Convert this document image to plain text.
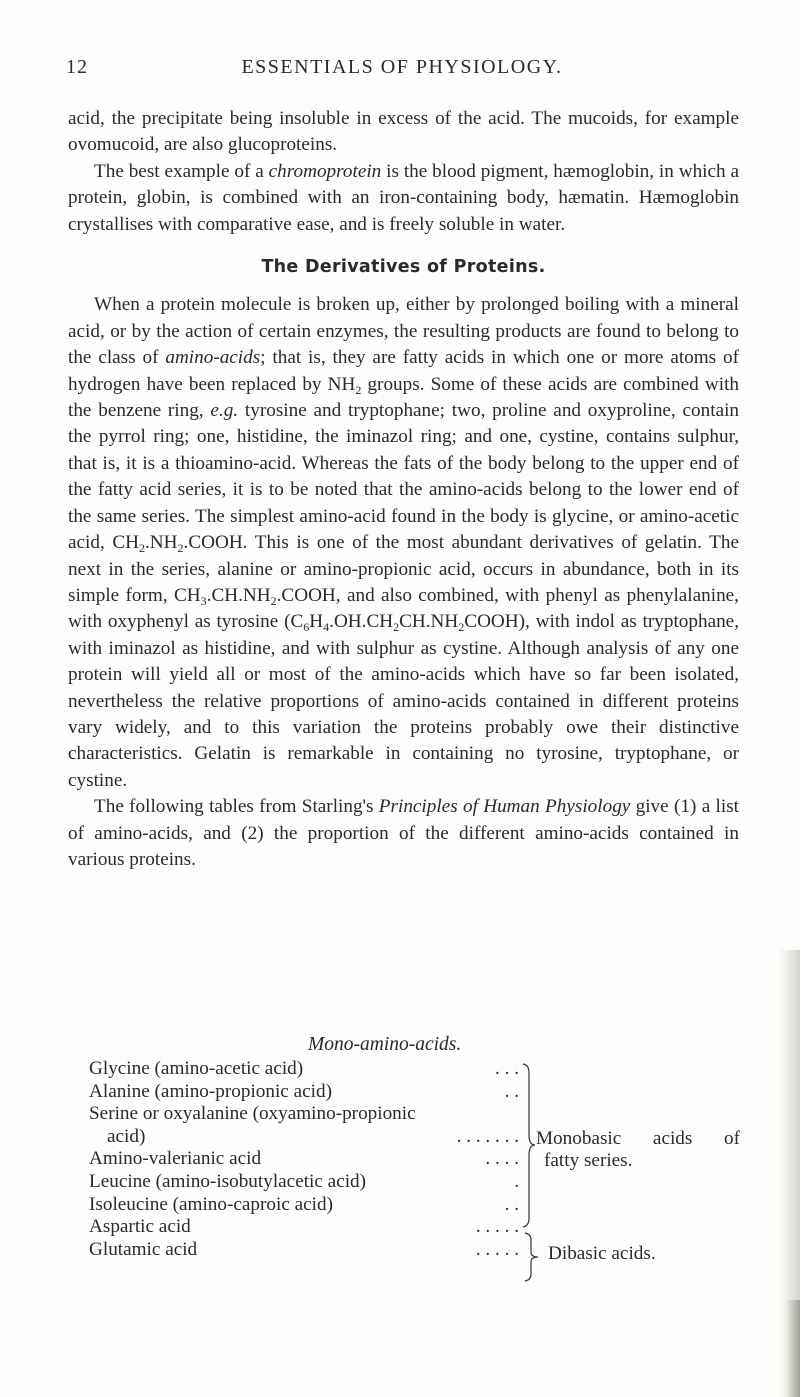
12	ESSENTIALS OF PHYSIOLOGY.

acid, the precipitate being insoluble in excess of the acid. The mucoids, for example ovomucoid, are also glucoproteins.

The best example of a chromoprotein is the blood pigment, hæmoglobin, in which a protein, globin, is combined with an iron-containing body, hæmatin. Hæmoglobin crystallises with comparative ease, and is freely soluble in water.

The Derivatives of Proteins.

When a protein molecule is broken up, either by prolonged boiling with a mineral acid, or by the action of certain enzymes, the resulting products are found to belong to the class of amino-acids; that is, they are fatty acids in which one or more atoms of hydrogen have been replaced by $NH_2$ groups. Some of these acids are combined with the benzene ring, e.g. tyrosine and tryptophane; two, proline and oxyproline, contain the pyrrol ring; one, histidine, the iminazol ring; and one, cystine, contains sulphur, that is, it is a thioamino-acid. Whereas the fats of the body belong to the upper end of the fatty acid series, it is to be noted that the amino-acids belong to the lower end of the same series. The simplest amino-acid found in the body is glycine, or amino-acetic acid, $CH_2.NH_2.COOH$. This is one of the most abundant derivatives of gelatin. The next in the series, alanine or amino-propionic acid, occurs in abundance, both in its simple form, $CH_3.CH.NH_2.COOH$, and also combined, with phenyl as phenylalanine, with oxyphenyl as tyrosine $(C_6H_4.OH.CH_2CH.NH_2COOH)$, with indol as tryptophane, with iminazol as histidine, and with sulphur as cystine. Although analysis of any one protein will yield all or most of the amino-acids which have so far been isolated, nevertheless the relative proportions of amino-acids contained in different proteins vary widely, and to this variation the proteins probably owe their distinctive characteristics. Gelatin is remarkable in containing no tyrosine, tryptophane, or cystine.

The following tables from Starling's Principles of Human Physiology give (1) a list of amino-acids, and (2) the proportion of the different amino-acids contained in various proteins.

Mono-amino-acids.
Glycine (amino-acetic acid)	. . .
Alanine (amino-propionic acid)	. .
Serine or oxyalanine (oxyamino-propionic
acid)	. . . . . . .
Amino-valerianic acid	. . . .
Leucine (amino-isobutylacetic acid)	.
Isoleucine (amino-caproic acid)	. .
Aspartic acid	. . . . .
Glutamic acid	. . . . .
Monobasic acids of
fatty series.
Dibasic acids.
